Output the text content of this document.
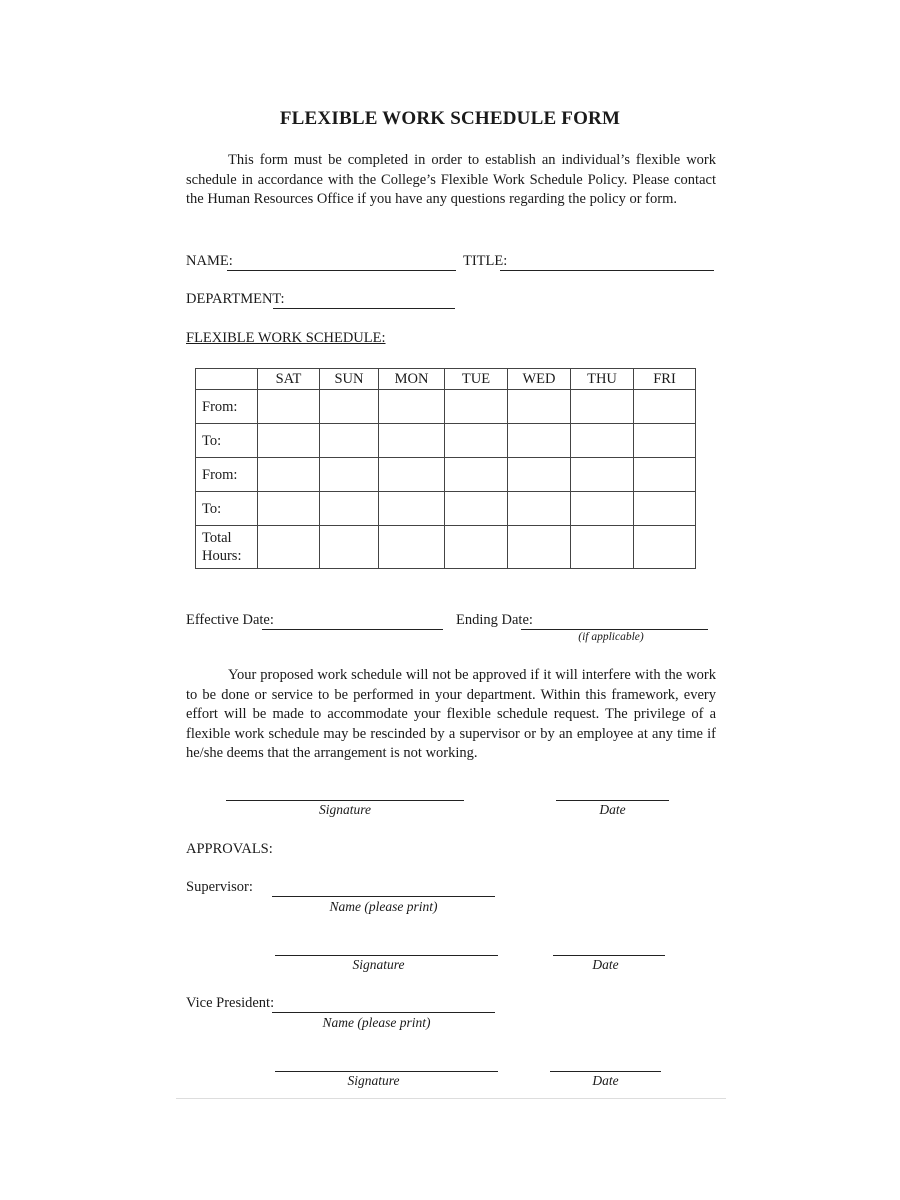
FLEXIBLE WORK SCHEDULE FORM
This form must be completed in order to establish an individual’s flexible work schedule in accordance with the College’s Flexible Work Schedule Policy. Please contact the Human Resources Office if you have any questions regarding the policy or form.
NAME:	TITLE:
DEPARTMENT:
FLEXIBLE WORK SCHEDULE:
	SAT	SUN	MON	TUE	WED	THU	FRI
From:							
To:							
From:							
To:							
Total Hours:							
Effective Date:	Ending Date:
(if applicable)
Your proposed work schedule will not be approved if it will interfere with the work to be done or service to be performed in your department. Within this framework, every effort will be made to accommodate your flexible schedule request. The privilege of a flexible work schedule may be rescinded by a supervisor or by an employee at any time if he/she deems that the arrangement is not working.
Signature	Date
APPROVALS:
Supervisor:
Name (please print)
Signature	Date
Vice President:
Name (please print)
Signature	Date
